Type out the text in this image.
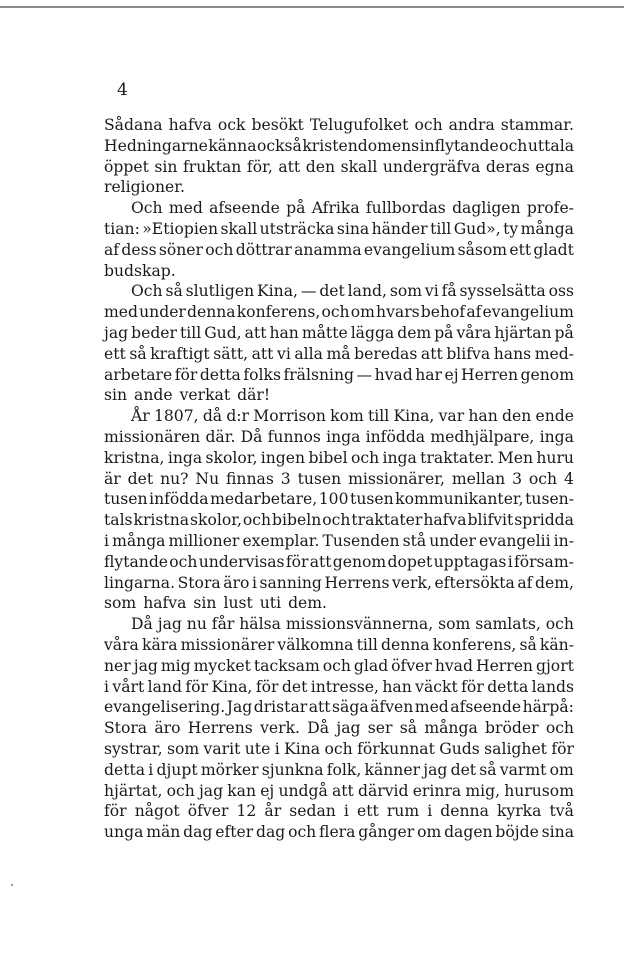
4
Sådana hafva ock besökt Telugufolket och andra stammar.
Hedningarne känna också kristendomens inflytande och uttala
öppet sin fruktan för, att den skall undergräfva deras egna
religioner.
Och med afseende på Afrika fullbordas dagligen profe-
tian: »Etiopien skall utsträcka sina händer till Gud», ty många
af dess söner och döttrar anamma evangelium såsom ett gladt
budskap.
Och så slutligen Kina, — det land, som vi få sysselsätta oss
med under denna konferens, och om hvars behof af evangelium
jag beder till Gud, att han måtte lägga dem på våra hjärtan på
ett så kraftigt sätt, att vi alla må beredas att blifva hans med-
arbetare för detta folks frälsning — hvad har ej Herren genom
sin ande verkat där!
År 1807, då d:r Morrison kom till Kina, var han den ende
missionären där. Då funnos inga infödda medhjälpare, inga
kristna, inga skolor, ingen bibel och inga traktater. Men huru
är det nu? Nu finnas 3 tusen missionärer, mellan 3 och 4
tusen infödda medarbetare, 100 tusen kommunikanter, tusen-
tals kristna skolor, och bibeln och traktater hafva blifvit spridda
i många millioner exemplar. Tusenden stå under evangelii in-
flytande och undervisas för att genom dopet upptagas i försam-
lingarna. Stora äro i sanning Herrens verk, eftersökta af dem,
som hafva sin lust uti dem.
Då jag nu får hälsa missionsvännerna, som samlats, och
våra kära missionärer välkomna till denna konferens, så kän-
ner jag mig mycket tacksam och glad öfver hvad Herren gjort
i vårt land för Kina, för det intresse, han väckt för detta lands
evangelisering. Jag dristar att säga äfven med afseende härpå:
Stora äro Herrens verk. Då jag ser så många bröder och
systrar, som varit ute i Kina och förkunnat Guds salighet för
detta i djupt mörker sjunkna folk, känner jag det så varmt om
hjärtat, och jag kan ej undgå att därvid erinra mig, hurusom
för något öfver 12 år sedan i ett rum i denna kyrka två
unga män dag efter dag och flera gånger om dagen böjde sina
